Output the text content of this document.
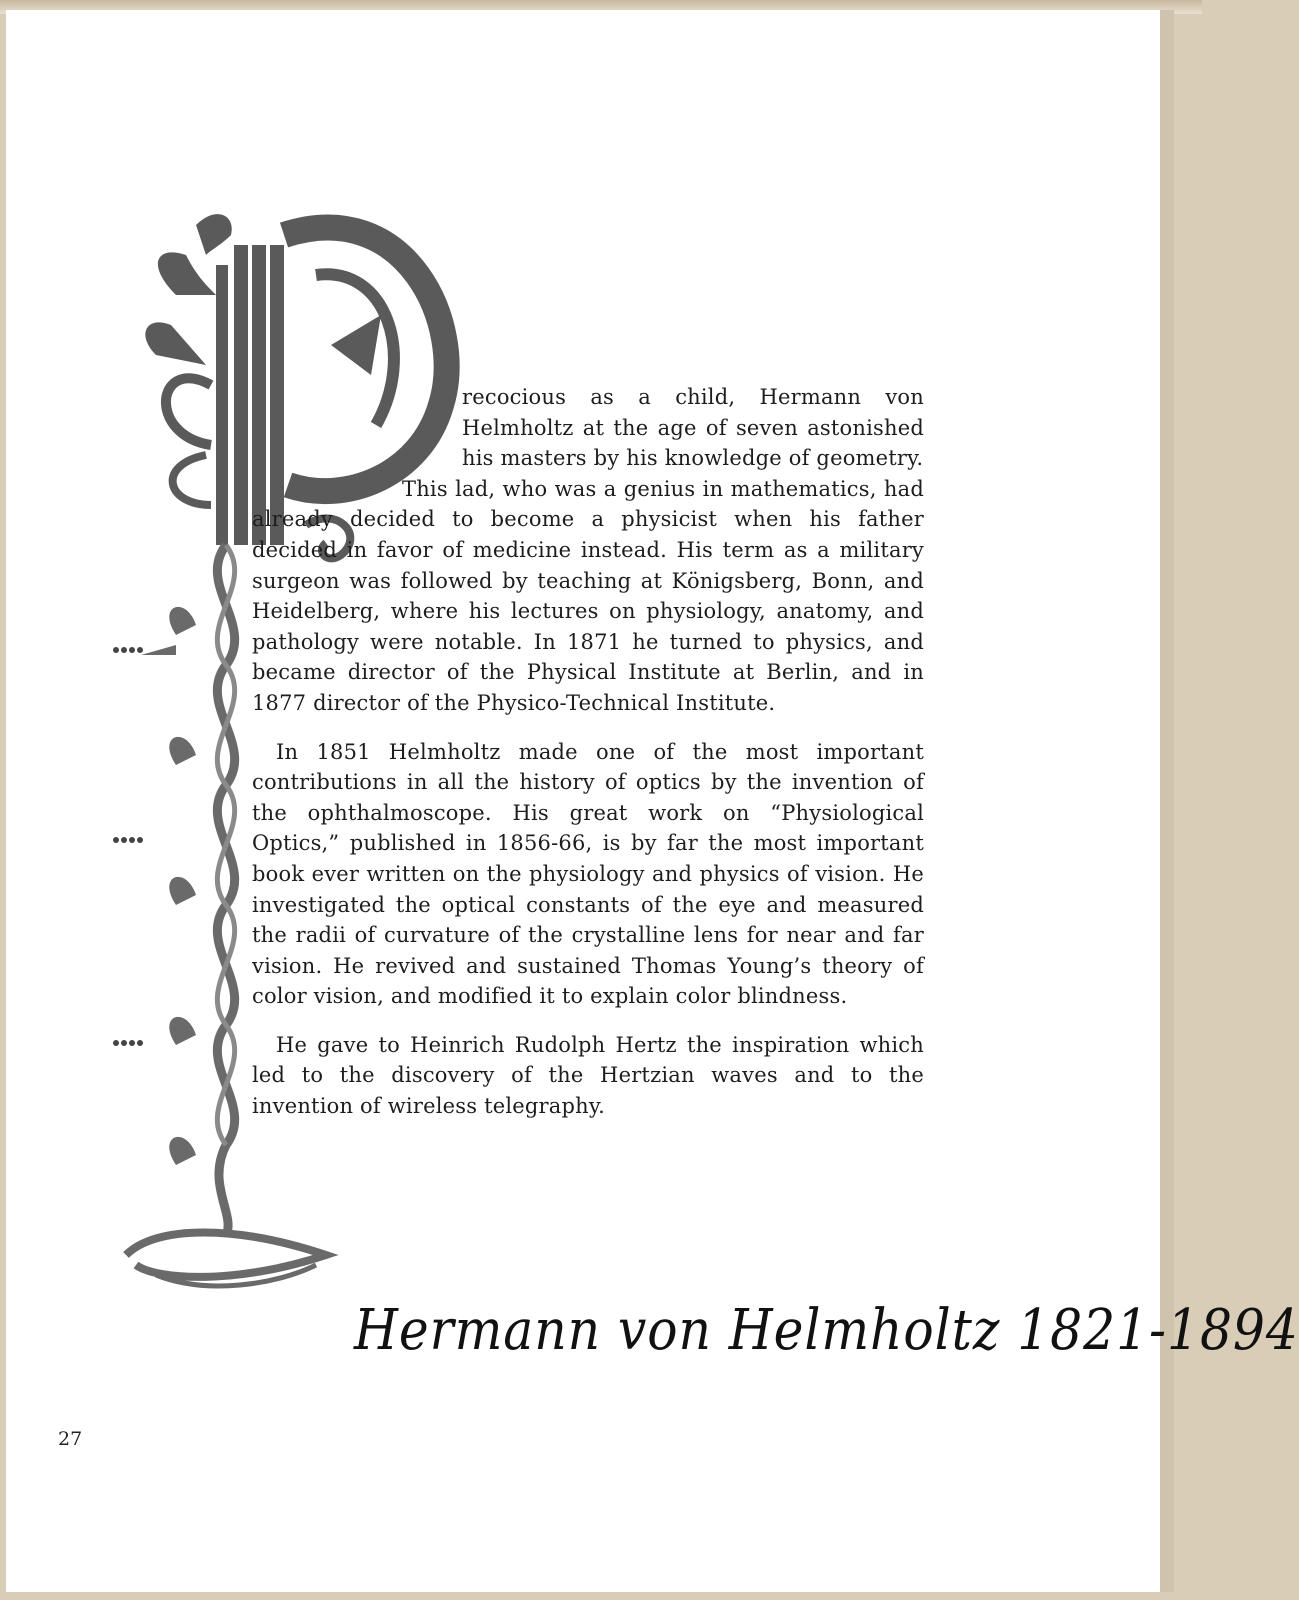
recocious as a child, Hermann von Helmholtz at the age of seven astonished his masters by his knowledge of geometry.

This lad, who was a genius in mathematics, had already decided to become a physicist when his father decided in favor of medicine instead. His term as a military surgeon was followed by teaching at Königsberg, Bonn, and Heidelberg, where his lectures on physiology, anatomy, and pathology were notable. In 1871 he turned to physics, and became director of the Physical Institute at Berlin, and in 1877 director of the Physico-Technical Institute.

In 1851 Helmholtz made one of the most important contributions in all the history of optics by the invention of the ophthalmoscope. His great work on “Physiological Optics,” published in 1856-66, is by far the most important book ever written on the physiology and physics of vision. He investigated the optical constants of the eye and measured the radii of curvature of the crystalline lens for near and far vision. He revived and sustained Thomas Young’s theory of color vision, and modified it to explain color blindness.

He gave to Heinrich Rudolph Hertz the inspiration which led to the discovery of the Hertzian waves and to the invention of wireless telegraphy.

Hermann von Helmholtz 1821-1894
27
